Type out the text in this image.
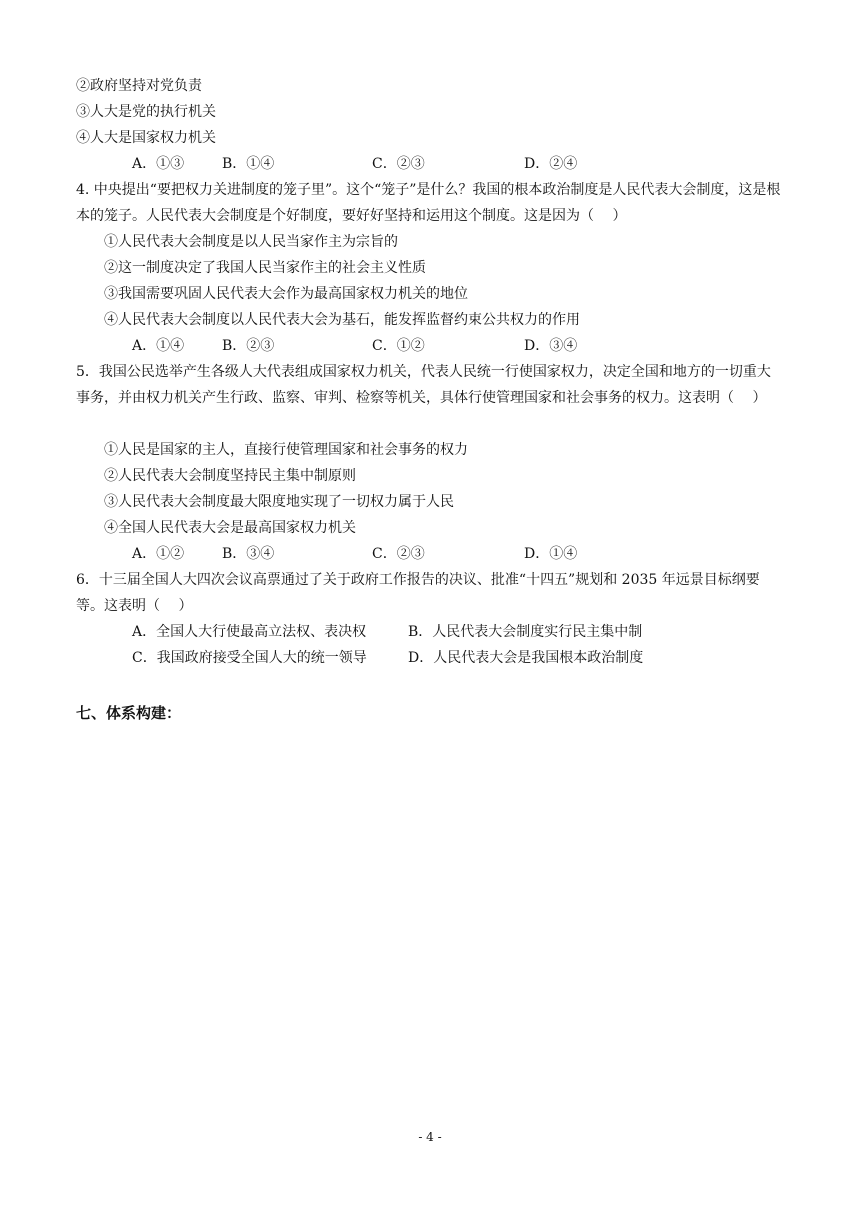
②政府坚持对党负责
③人大是党的执行机关
④人大是国家权力机关
A．①③	B．①④	C．②③	D．②④
4. 中央提出“要把权力关进制度的笼子里”。这个“笼子”是什么？我国的根本政治制度是人民代表大会制度，这是根本的笼子。人民代表大会制度是个好制度，要好好坚持和运用这个制度。这是因为（　 ）
①人民代表大会制度是以人民当家作主为宗旨的
②这一制度决定了我国人民当家作主的社会主义性质
③我国需要巩固人民代表大会作为最高国家权力机关的地位
④人民代表大会制度以人民代表大会为基石，能发挥监督约束公共权力的作用
A．①④	B．②③	C．①②	D．③④
5．我国公民选举产生各级人大代表组成国家权力机关，代表人民统一行使国家权力，决定全国和地方的一切重大事务，并由权力机关产生行政、监察、审判、检察等机关，具体行使管理国家和社会事务的权力。这表明（　 ）
①人民是国家的主人，直接行使管理国家和社会事务的权力
②人民代表大会制度坚持民主集中制原则
③人民代表大会制度最大限度地实现了一切权力属于人民
④全国人民代表大会是最高国家权力机关
A．①②	B．③④	C．②③	D．①④
6．十三届全国人大四次会议高票通过了关于政府工作报告的决议、批准“十四五”规划和 2035 年远景目标纲要等。这表明（　 ）
A．全国人大行使最高立法权、表决权	B．人民代表大会制度实行民主集中制
C．我国政府接受全国人大的统一领导	D．人民代表大会是我国根本政治制度
七、体系构建：
- 4 -
